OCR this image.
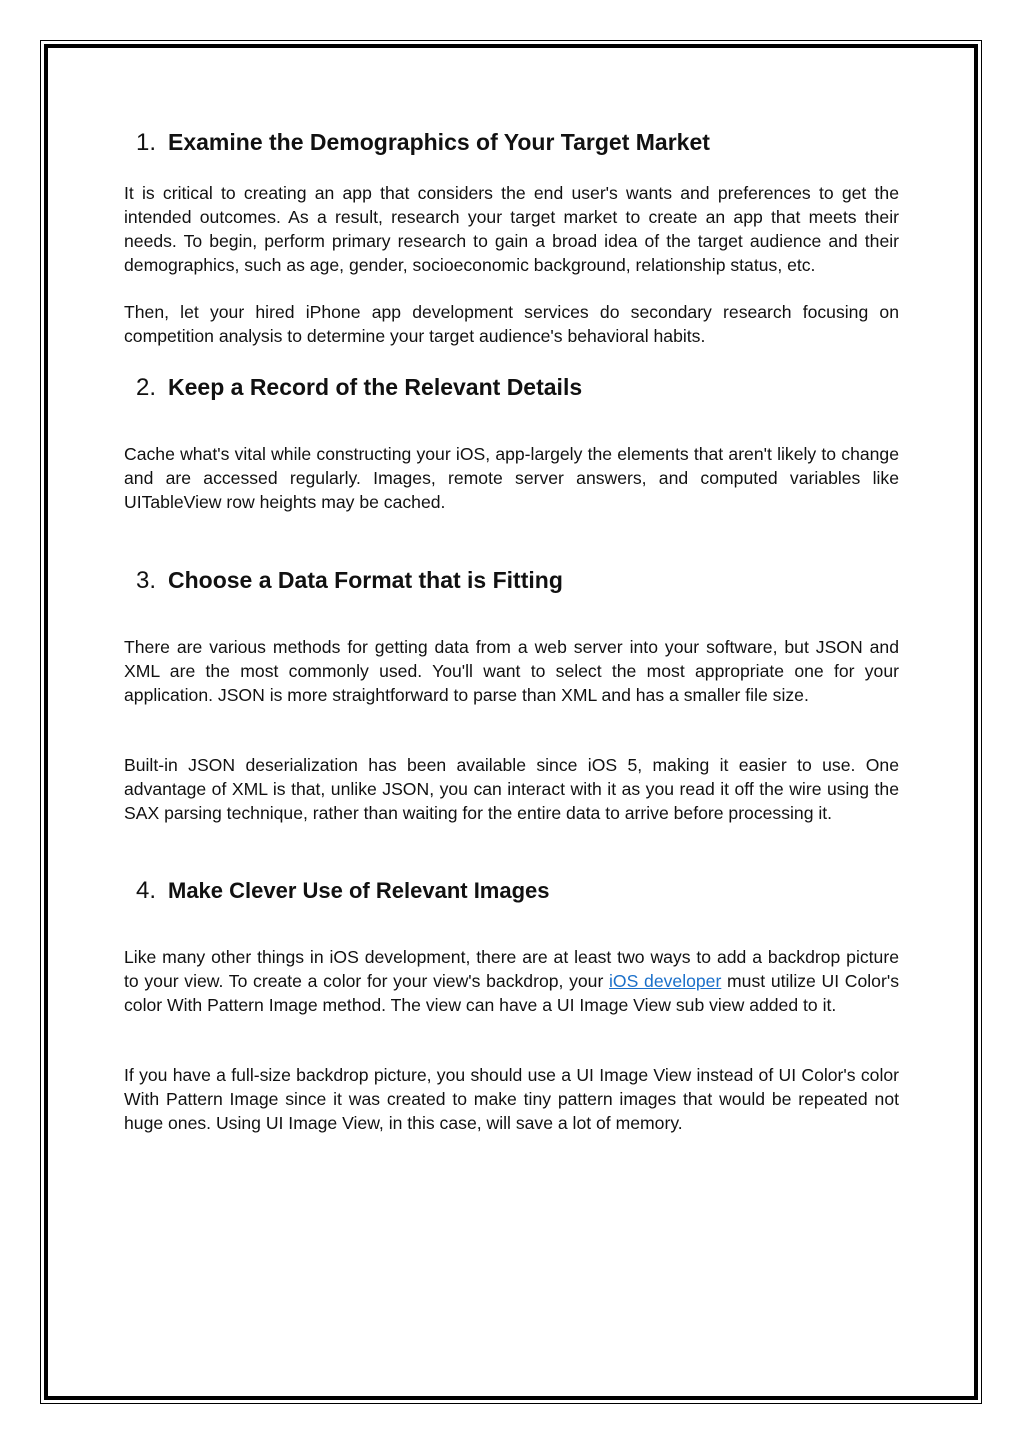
1. Examine the Demographics of Your Target Market

It is critical to creating an app that considers the end user's wants and preferences to get the intended outcomes. As a result, research your target market to create an app that meets their needs. To begin, perform primary research to gain a broad idea of the target audience and their demographics, such as age, gender, socioeconomic background, relationship status, etc.

Then, let your hired iPhone app development services do secondary research focusing on competition analysis to determine your target audience's behavioral habits.

2. Keep a Record of the Relevant Details

Cache what's vital while constructing your iOS, app-largely the elements that aren't likely to change and are accessed regularly. Images, remote server answers, and computed variables like UITableView row heights may be cached.

3. Choose a Data Format that is Fitting

There are various methods for getting data from a web server into your software, but JSON and XML are the most commonly used. You'll want to select the most appropriate one for your application. JSON is more straightforward to parse than XML and has a smaller file size.

Built-in JSON deserialization has been available since iOS 5, making it easier to use. One advantage of XML is that, unlike JSON, you can interact with it as you read it off the wire using the SAX parsing technique, rather than waiting for the entire data to arrive before processing it.

4. Make Clever Use of Relevant Images

Like many other things in iOS development, there are at least two ways to add a backdrop picture to your view. To create a color for your view's backdrop, your iOS developer must utilize UI Color's color With Pattern Image method. The view can have a UI Image View sub view added to it.

If you have a full-size backdrop picture, you should use a UI Image View instead of UI Color's color With Pattern Image since it was created to make tiny pattern images that would be repeated not huge ones. Using UI Image View, in this case, will save a lot of memory.
